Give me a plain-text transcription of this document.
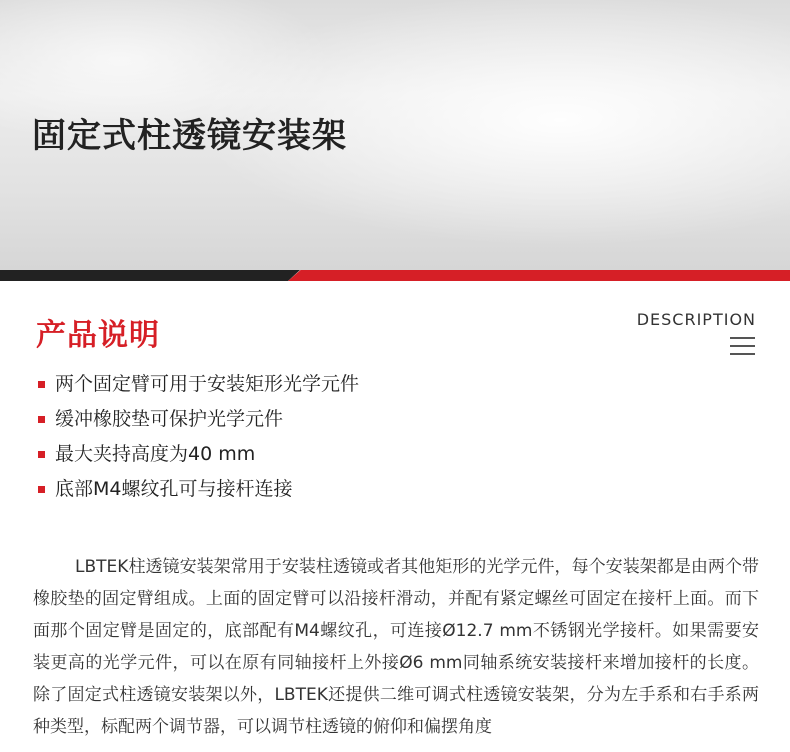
固定式柱透镜安装架
产品说明	DESCRIPTION
两个固定臂可用于安装矩形光学元件
缓冲橡胶垫可保护光学元件
最大夹持高度为40 mm
底部M4螺纹孔可与接杆连接

LBTEK柱透镜安装架常用于安装柱透镜或者其他矩形的光学元件，每个安装架都是由两个带橡胶垫的固定臂组成。上面的固定臂可以沿接杆滑动，并配有紧定螺丝可固定在接杆上面。而下面那个固定臂是固定的，底部配有M4螺纹孔，可连接Ø12.7 mm不锈钢光学接杆。如果需要安装更高的光学元件，可以在原有同轴接杆上外接Ø6 mm同轴系统安装接杆来增加接杆的长度。 除了固定式柱透镜安装架以外，LBTEK还提供二维可调式柱透镜安装架，分为左手系和右手系两种类型，标配两个调节器，可以调节柱透镜的俯仰和偏摆角度
